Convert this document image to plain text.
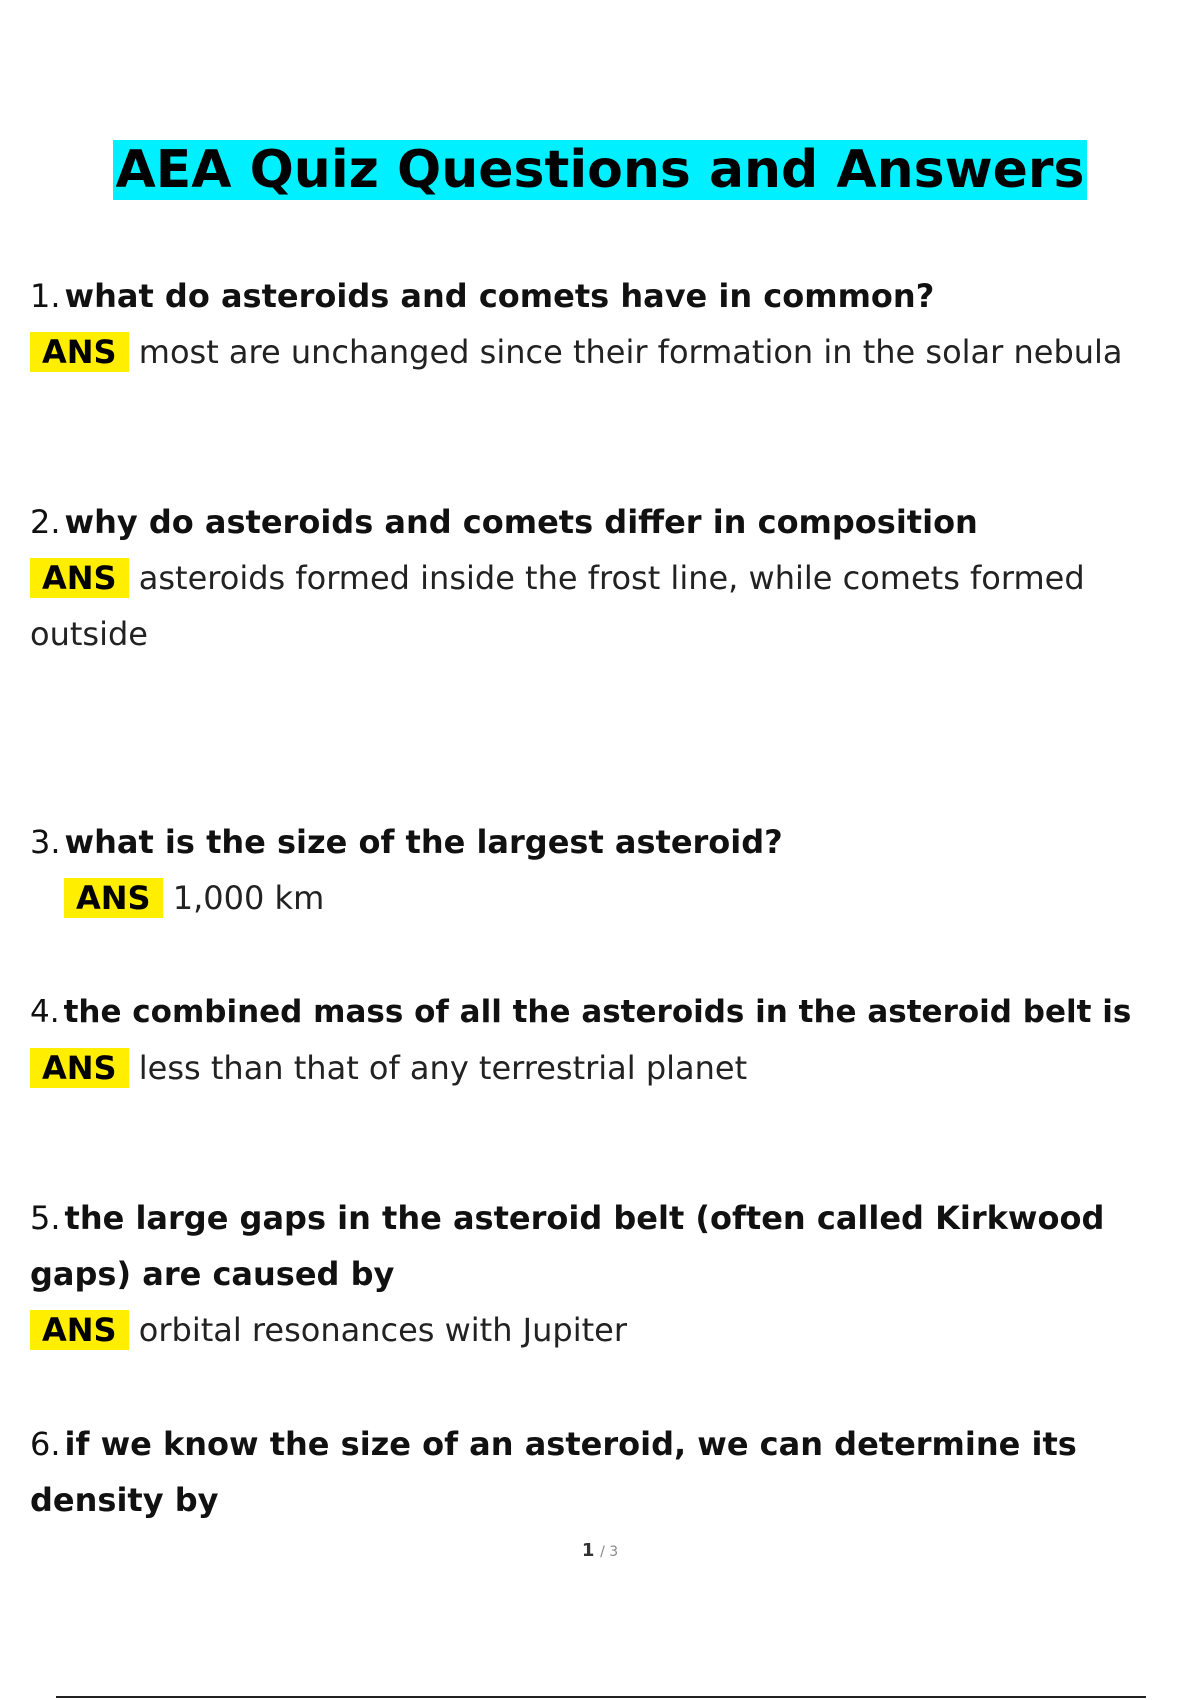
AEA Quiz Questions and Answers
1. what do asteroids and comets have in common?
ANS most are unchanged since their formation in the solar nebula
2. why do asteroids and comets differ in composition
ANS asteroids formed inside the frost line, while comets formed outside
3. what is the size of the largest asteroid?
ANS 1,000 km
4. the combined mass of all the asteroids in the asteroid belt is
ANS less than that of any terrestrial planet
5. the large gaps in the asteroid belt (often called Kirkwood gaps) are caused by
ANS orbital resonances with Jupiter
6. if we know the size of an asteroid, we can determine its density by
1 / 3
